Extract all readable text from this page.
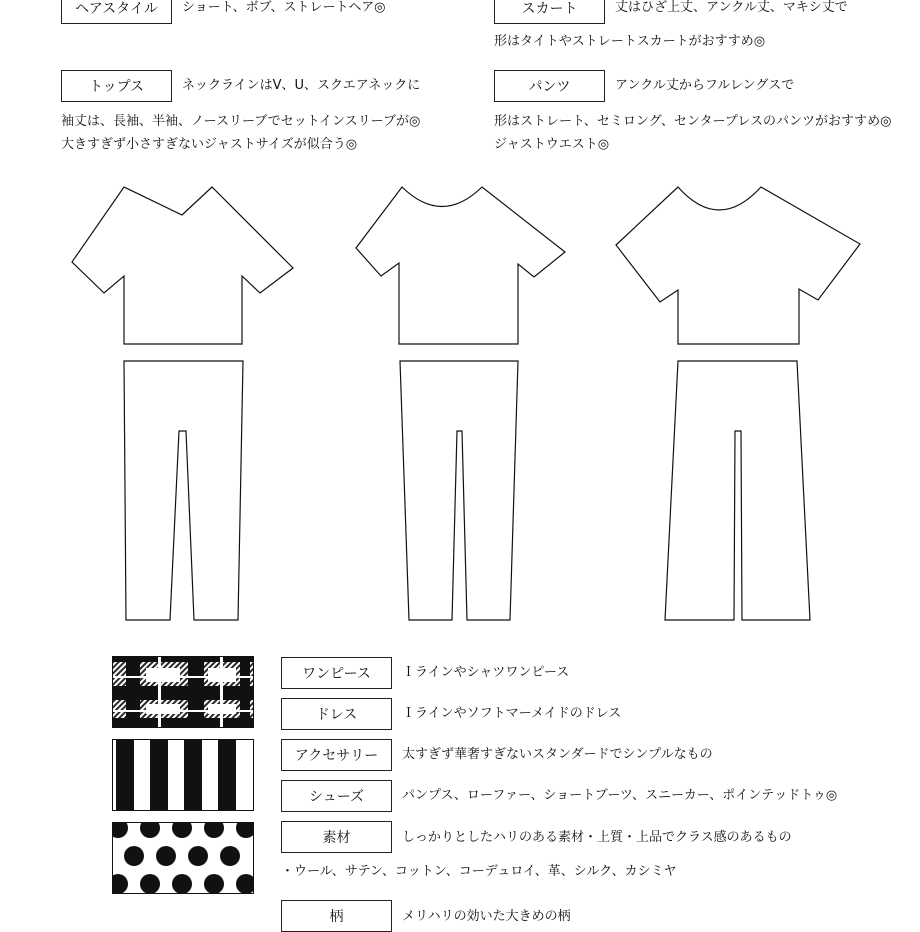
ヘアスタイル	ショート、ボブ、ストレートヘア◎	スカート	丈はひざ上丈、アンクル丈、マキシ丈で
形はタイトやストレートスカートがおすすめ◎
トップス	ネックラインはV、U、スクエアネックに
袖丈は、長袖、半袖、ノースリーブでセットインスリーブが◎
大きすぎず小さすぎないジャストサイズが似合う◎
パンツ	アンクル丈からフルレングスで
形はストレート、セミロング、センタープレスのパンツがおすすめ◎
ジャストウエスト◎
ワンピース	Ｉラインやシャツワンピース
ドレス	Ｉラインやソフトマーメイドのドレス
アクセサリー	太すぎず華奢すぎないスタンダードでシンプルなもの
シューズ	パンプス、ローファー、ショートブーツ、スニーカー、ポインテッドトゥ◎
素材	しっかりとしたハリのある素材・上質・上品でクラス感のあるもの
・ウール、サテン、コットン、コーデュロイ、革、シルク、カシミヤ
柄	メリハリの効いた大きめの柄
